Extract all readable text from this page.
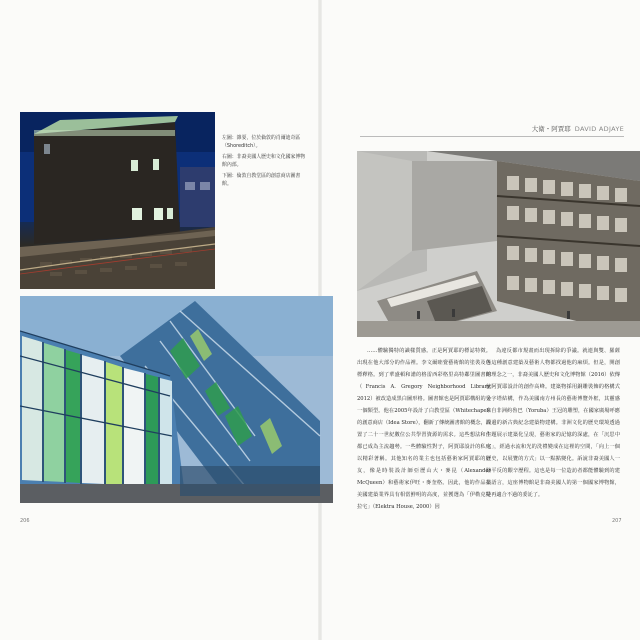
左圖：雜耍，位於倫敦的肖爾迪奇區（Shoreditch）。

右圖：非裔美國人歷史和文化國家博物館內部。

下圖：倫敦自教堂區的創意商店圖書館。

大衛・阿賈耶 DAVID ADJAYE

……體驗獨特的識樣質感。正是阿賈耶的標誌特徵。出現在他大部分的作品裡。李文爾睦覺藝術館的塗裝及色標釋格。到了華盛頓和諧的格雷西彩格里高特鄰里圖書館（Francis A. Gregory Neighborhood Library, 2012）被改造成黑白圖形格。圖書館也是阿賈耶構組的另一個類型。他在2005年設計了白教堂區（Whitechapel）的創意商店（Idea Store），翻新了傳統圖書館的概念，設置了二十一世紀數位公共學習資源的需求。這些想法和作都已成為主流趨勢。一些體驗性對子，阿賈耶設計的私宅以精彩著稱。其他知名的業主也包括藝術家阿賈耶的好友，像是時裝設計師亞歷山大・麥昆（Alexander McQueen）和藝術家伊旺・麥奎格。因此，他的作品在美國建築業界具有相當鮮明的高度，並獲選為「伊勒克特拉宅」（Elektra House, 2000）因

為違反都市規畫而出現拆除的爭議。就連與雙、羅薩等這種創意建築及藝術人物都找過他的麻煩。但是，開創的理念之一，非裔美國人歷史和文化博物館（2016）依傳統阿賈耶設計的創作高峰。建築物採用銅雕裝飾的格構式金字塔結構，作為美國南方州長的藝術博覽外框，其靈感來自非洲約魯巴（Yoruba）王冠的雕塑，在國家廣場呼應周邊的新古典紀念建築物建構。非洲文化的歷史環境透過主題展示建築化呈現，藝術家的記憶的深處，在「沉思中庭」，經過水流和光的洗禮變成在這裡的空間，「向上一個歷史，以展覽的方式」以一點點變化。訴說非裔美國人一路平反的艱辛歷程。這也是每一位造訪者都能體驗到的建築語言，這座博物館是非裔美國人的第一個國家博物館，是再適合不過的委託了。

206	207
